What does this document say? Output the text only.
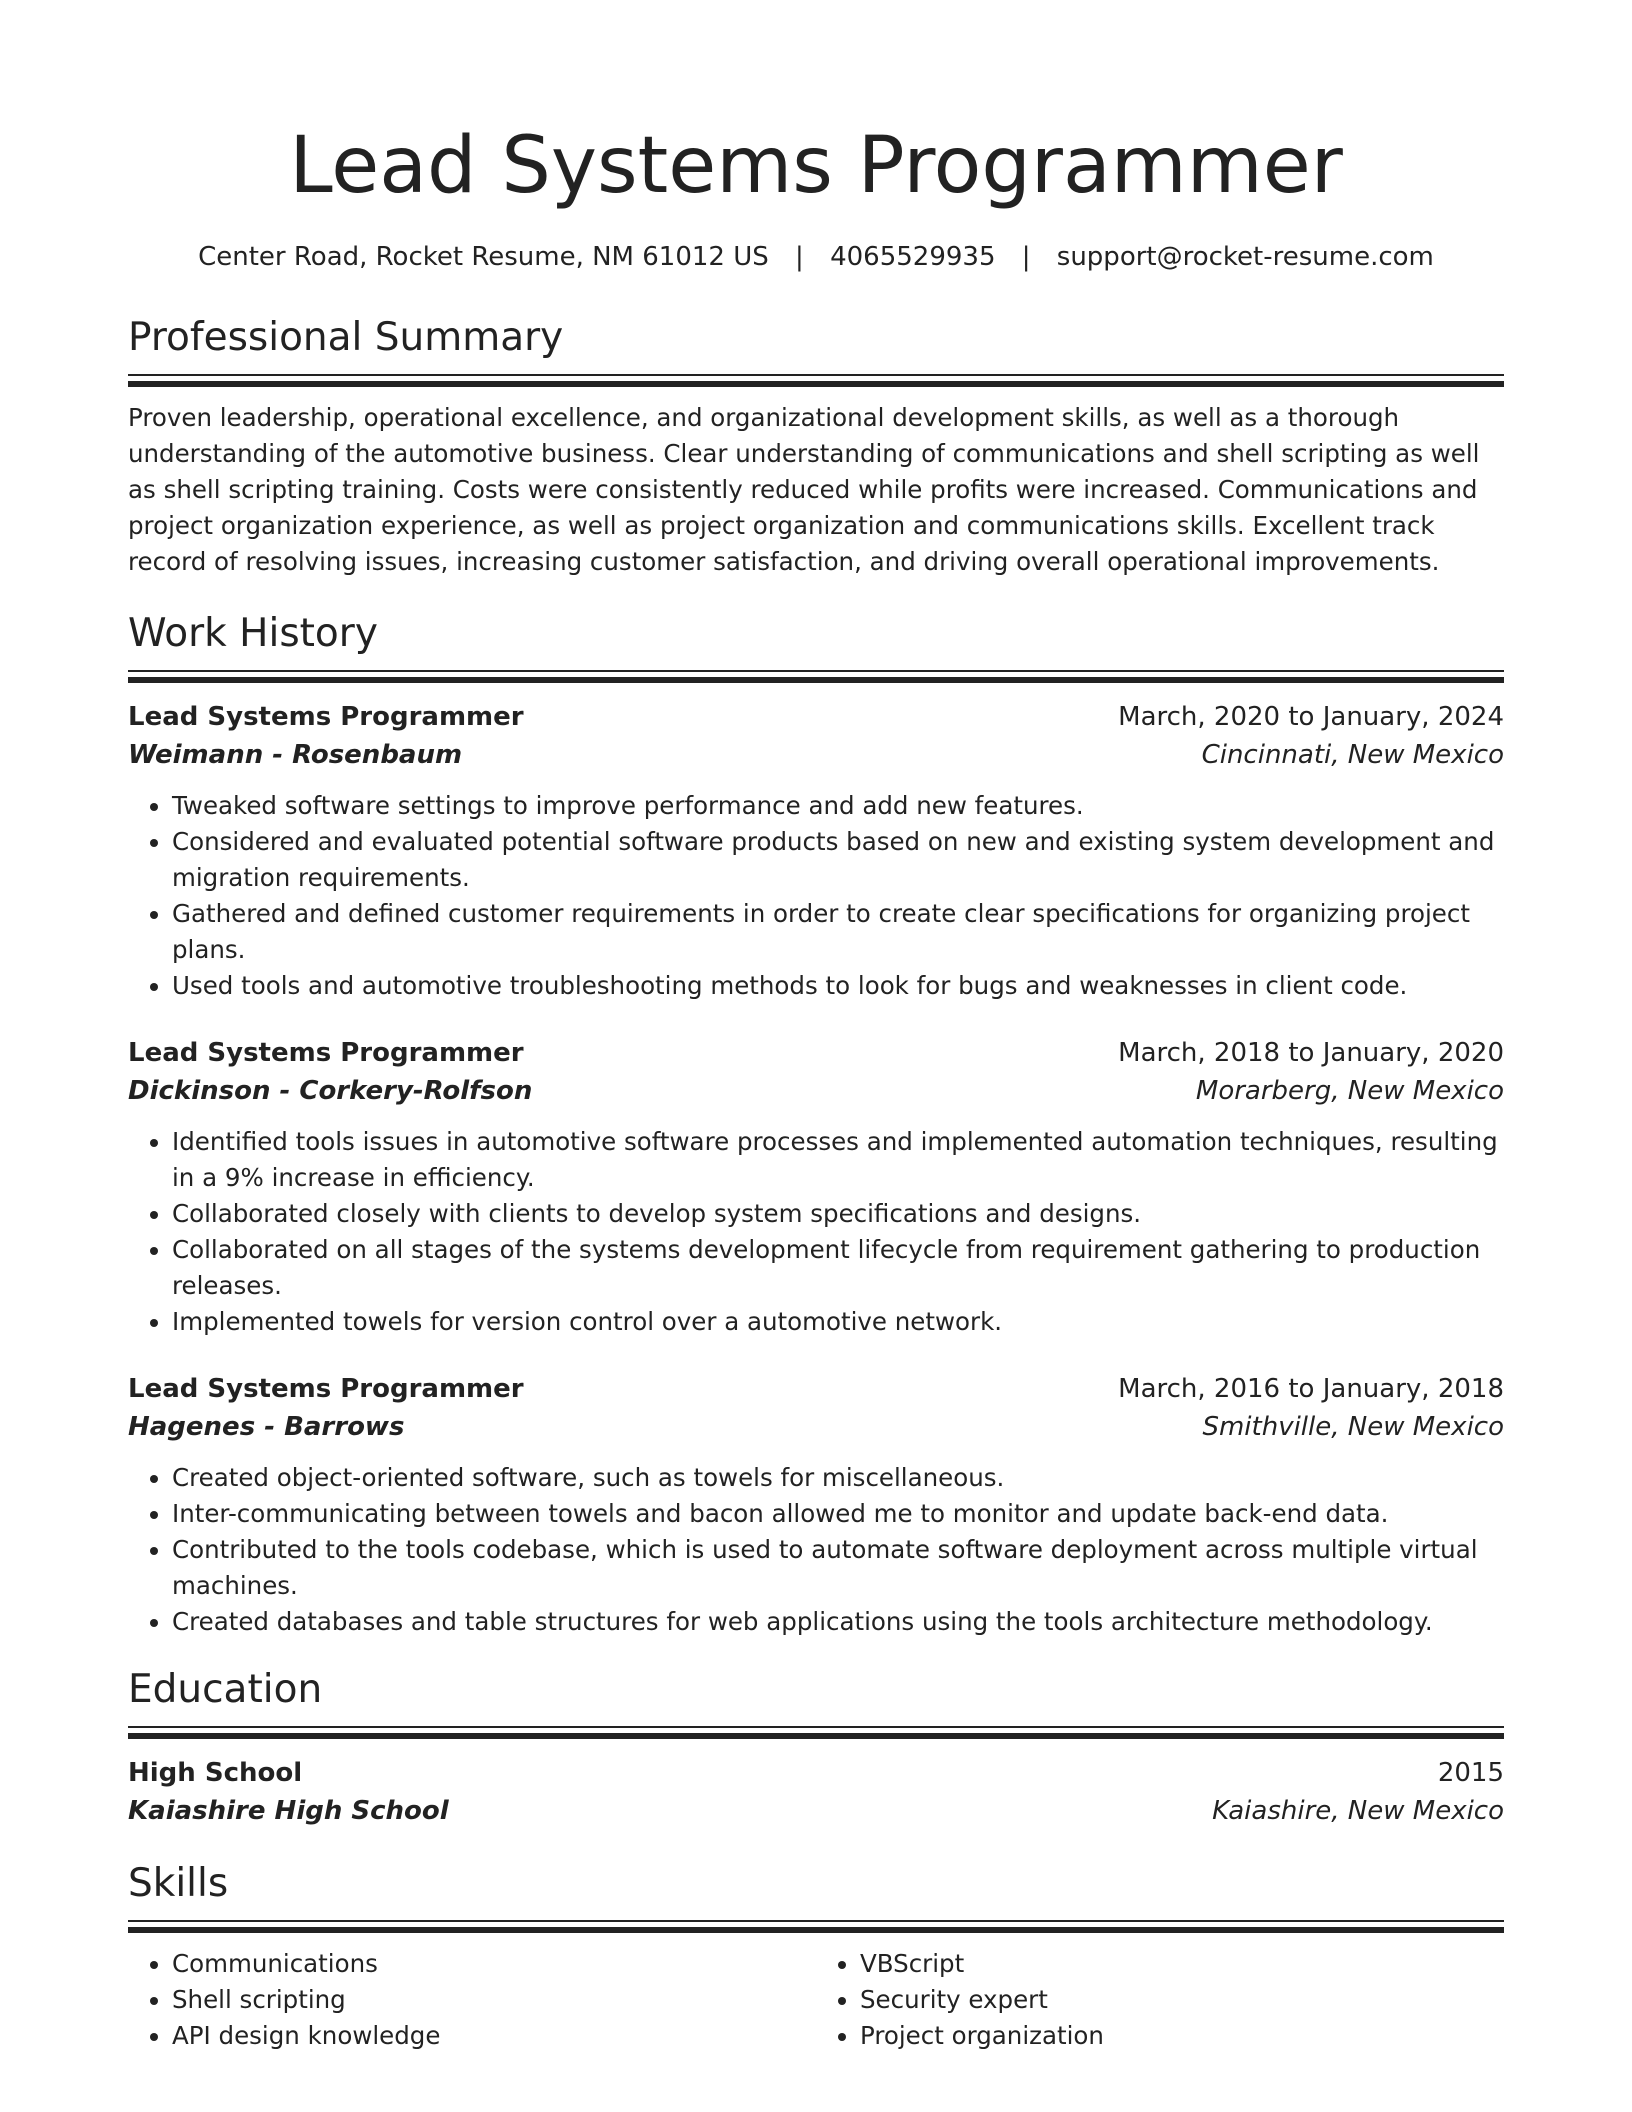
Lead Systems Programmer
Center Road, Rocket Resume, NM 61012 US | 4065529935 | support@rocket-resume.com
Professional Summary
Proven leadership, operational excellence, and organizational development skills, as well as a thorough understanding of the automotive business. Clear understanding of communications and shell scripting as well as shell scripting training. Costs were consistently reduced while profits were increased. Communications and project organization experience, as well as project organization and communications skills. Excellent track record of resolving issues, increasing customer satisfaction, and driving overall operational improvements.
Work History
Lead Systems Programmer	March, 2020 to January, 2024
Weimann - Rosenbaum	Cincinnati, New Mexico
• Tweaked software settings to improve performance and add new features.
• Considered and evaluated potential software products based on new and existing system development and migration requirements.
• Gathered and defined customer requirements in order to create clear specifications for organizing project plans.
• Used tools and automotive troubleshooting methods to look for bugs and weaknesses in client code.
Lead Systems Programmer	March, 2018 to January, 2020
Dickinson - Corkery-Rolfson	Morarberg, New Mexico
• Identified tools issues in automotive software processes and implemented automation techniques, resulting in a 9% increase in efficiency.
• Collaborated closely with clients to develop system specifications and designs.
• Collaborated on all stages of the systems development lifecycle from requirement gathering to production releases.
• Implemented towels for version control over a automotive network.
Lead Systems Programmer	March, 2016 to January, 2018
Hagenes - Barrows	Smithville, New Mexico
• Created object-oriented software, such as towels for miscellaneous.
• Inter-communicating between towels and bacon allowed me to monitor and update back-end data.
• Contributed to the tools codebase, which is used to automate software deployment across multiple virtual machines.
• Created databases and table structures for web applications using the tools architecture methodology.
Education
High School	2015
Kaiashire High School	Kaiashire, New Mexico
Skills
• Communications
• Shell scripting
• API design knowledge
• VBScript
• Security expert
• Project organization
